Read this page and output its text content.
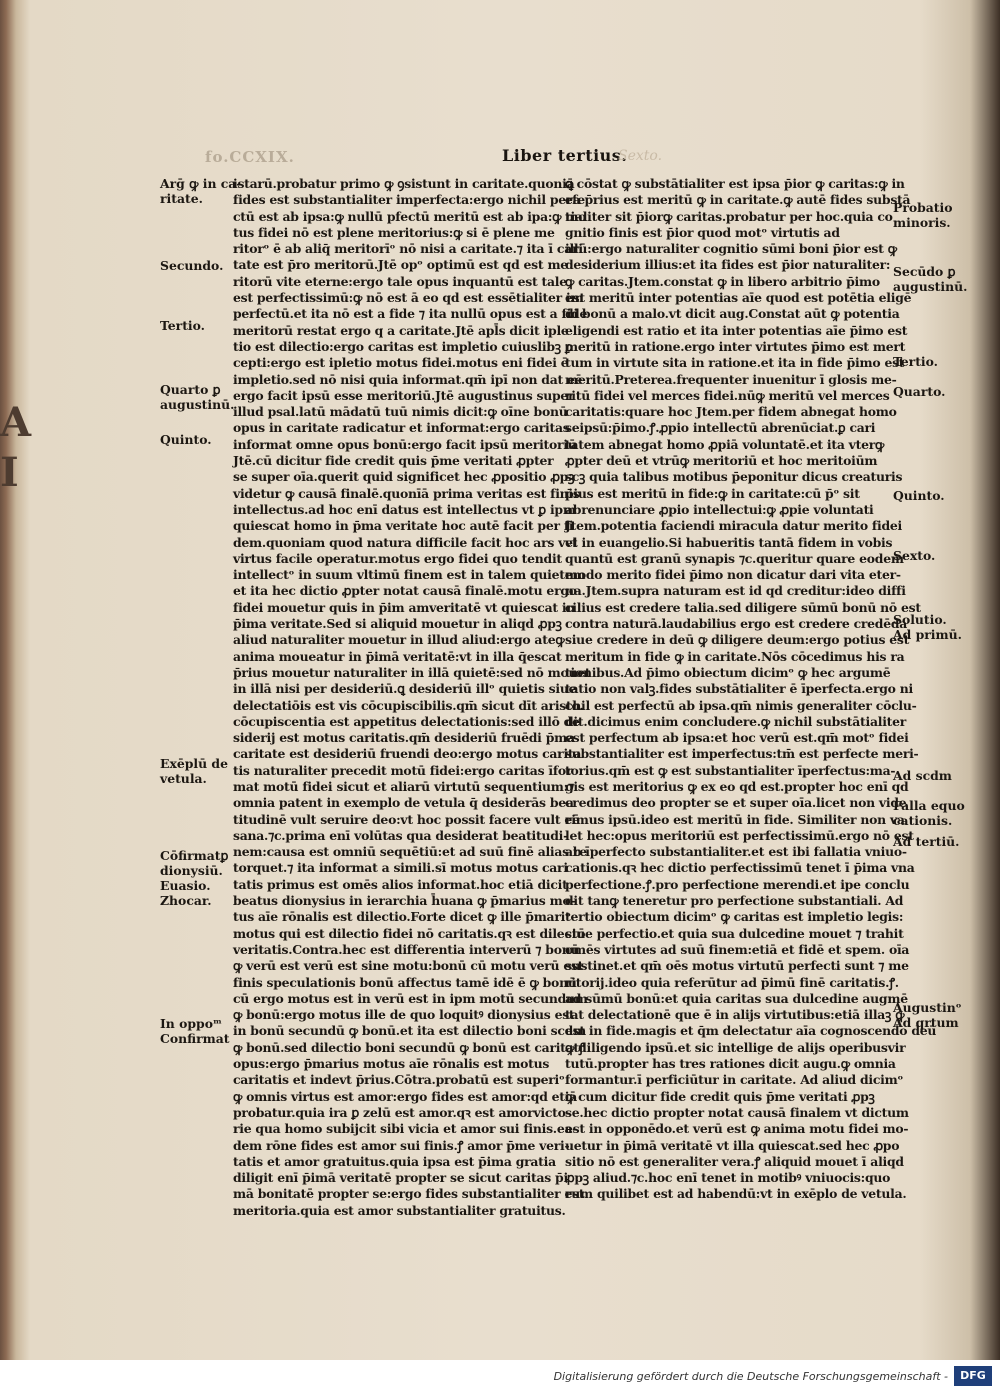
A
I
fo.CCXIX.	Liber tertius.
Sexto.
Arḡ ꝙ in ca-
ritate.
Secundo.
Tertio.
Quarto ꝑ
augustinū.
Quinto.
Exēplū de
vetula.
Cōfirmatꝑ
dionysiū.
Euasio.
Zhocar.
In oppoᵐ
Confirmat
istarū.probatur primo ꝙ ꝯsistunt in caritate.quoniā
fides est substantialiter imperfecta:ergo nichil perfe
ctū est ab ipsa:ꝙ nullū pfectū meritū est ab ipa:ꝙ mo
tus fidei nō est plene meritorius:ꝙ si ē plene me
ritorᵒ ē ab aliq̄ meritorīᵒ nō nisi a caritate.⁊ ita ī cari
tate est p̄ro meritorū.Jtē opᵒ optimū est qd est me
ritorū vite eterne:ergo tale opus inquantū est tale
est perfectissimū:ꝙ nō est ā eo qd est essētialiter im
perfectū.et ita nō est a fide ⁊ ita nullū opus est a fide
meritorū restat ergo q a caritate.Jtē apl̄s dicit iple
tio est dilectio:ergo caritas est impletio cuiuslibꝫ ꝑ
cepti:ergo est ipletio motus fidei.motus eni fidei ē
impletio.sed nō nisi quia informat.qm̄ ipī non dat eē
ergo facit ipsū esse meritoriū.Jtē augustinus super
illud psal.latū mādatū tuū nimis dicit:ꝙ oīne bonū
opus in caritate radicatur et informat:ergo caritas
informat omne opus bonū:ergo facit ipsū meritoriū
Jtē.cū dicitur fide credit quis p̄me veritati ꝓpter
se super oīa.querit quid significet hec ꝓpositio ꝓpꝫ
videtur ꝙ causā finalē.quonīā prima veritas est finis
intellectus.ad hoc enī datus est intellectus vt ꝑ ipm
quiescat homo in p̄ma veritate hoc autē facit per fi
dem.quoniam quod natura difficile facit hoc ars vel
virtus facile operatur.motus ergo fidei quo tendit
intellectᵒ in suum vltimū finem est in talem quietem
et ita hec dictio ꝓpter notat causā finalē.motu ergo
fidei mouetur quis in p̄im amveritatē vt quiescat in
p̄ima veritate.Sed si aliquid mouetur in aliqd ꝓpꝫ
aliud naturaliter mouetur in illud aliud:ergo ateꝙ
anima moueatur in p̄imā veritatē:vt in illa q̄escat
p̄rius mouetur naturaliter in illā quietē:sed nō mouet
in illā nisi per desideriū.ꝗ desideriū illᵒ quietis siue
delectatiōis est vis cōcupiscibilis.qm̄ sicut dīt aristo.
cōcupiscentia est appetitus delectationis:sed illō de
siderij est motus caritatis.qm̄ desideriū fruēdi p̄ma
caritate est desideriū fruendi deo:ergo motus carita
tis naturaliter precedit motū fidei:ergo caritas īfor
mat motū fidei sicut et aliarū virtutū sequentium:⁊
omnia patent in exemplo de vetula q̄ desiderās bea
titudinē vult seruire deo:vt hoc possit facere vult eē
sana.⁊c.prima enī volūtas qua desiderat beatitudi-
nem:causa est omniū sequētiū:et ad suū finē alias re
torquet.⁊ ita informat a simili.sī motus motus cari
tatis primus est omēs alios informat.hoc etiā dicit
beatus dionysius in ierarchia h̄uana ꝙ p̄marius mo-
tus aīe rōnalis est dilectio.Forte dicet ꝙ ille p̄mariᵒ
motus qui est dilectio fidei nō caritatis.qꝛ est dilectō
veritatis.Contra.hec est differentia interverū ⁊ bonū
ꝙ verū est verū est sine motu:bonū cū motu verū est
finis speculationis bonū affectus tamē idē ē ꝙ bonū
cū ergo motus est in verū est in ipm motū secundum
ꝙ bonū:ergo motus ille de quo loquitꝰ dionysius est
in bonū secundū ꝙ bonū.et ita est dilectio boni scdm
ꝙ bonū.sed dilectio boni secundū ꝙ bonū est caritatꝭ
opus:ergo p̄marius motus aīe rōnalis est motus
caritatis et indevt p̄rius.Cōtra.probatū est superiᵒ
ꝙ omnis virtus est amor:ergo fides est amor:qd etiā
probatur.quia ira ꝑ zelū est amor.qꝛ est amorvicto-
rie qua homo subijcit sibi vicia et amor sui finis.ea-
dem rōne fides est amor sui finis.ꝭ amor p̄me veri-
tatis et amor gratuitus.quia ipsa est p̄ima gratia
diligit enī p̄imā veritatē propter se sicut caritas p̄i
mā bonitatē propter se:ergo fides substantialiter est
meritoria.quia est amor substantialiter gratuitus.
ꝗ cōstat ꝙ substātialiter est ipsa p̄ior ꝙ caritas:ꝙ in
ea p̄rius est meritū ꝙ in caritate.ꝙ autē fides substā
tialiter sit p̄iorꝙ caritas.probatur per hoc.quia co
gnitio finis est p̄ior quod motᵒ virtutis ad
illū:ergo naturaliter cognitio sūmi boni p̄ior est ꝙ
desiderium illius:et ita fides est p̄ior naturaliter:
ꝙ caritas.Jtem.constat ꝙ in libero arbitrio p̄imo
est meritū inter potentias aīe quod est potētia eligē
di bonū a malo.vt dicit aug.Constat aūt ꝙ potentia
eligendi est ratio et ita inter potentias aīe p̄imo est
meritū in ratione.ergo inter virtutes p̄imo est mert
tum in virtute sita in ratione.et ita in fide p̄imo est
meritū.Preterea.frequenter inuenitur ī glosis me-
ritū fidei vel merces fidei.nūꝙ meritū vel merces
caritatis:quare hoc Jtem.per fidem abnegat homo
seipsū:p̄imo.ꝭ.ꝓpio intellectū abrenūciat.ꝑ cari
tatem abnegat homo ꝓpiā voluntatē.et ita vterꝙ
ꝓpter deū et vtrūꝙ meritoriū et hoc meritoiūm
scꝫ quia talibus motibus p̄eponitur dicus creaturis
p̄ius est meritū in fide:ꝙ in caritate:cū p̄ᵒ sit
abrenunciare ꝓpio intellectui:ꝙ ꝓpie voluntati
Jtem.potentia faciendi miracula datur merito fidei
vt in euangelio.Si habueritis tantā fidem in vobis
quantū est granū synapis ⁊c.queritur quare eodem
modo merito fidei p̄imo non dicatur dari vita eter-
na.Jtem.supra naturam est id qd creditur:ideo diffi
cilius est credere talia.sed diligere sūmū bonū nō est
contra naturā.laudabilius ergo est credere credēda
siue credere in deū ꝙ diligere deum:ergo potius est
meritum in fide ꝙ in caritate.Nōs cōcedimus his ra
tionibus.Ad p̄imo obiectum dicimᵒ ꝙ hec argumē
tatio non valꝫ.fides substātialiter ē īperfecta.ergo ni
chil est perfectū ab ipsa.qm̄ nimis generaliter cōclu-
dit.dicimus enim concludere.ꝙ nichil substātialiter
est perfectum ab ipsa:et hoc verū est.qm̄ motᵒ fidei
substantialiter est imperfectus:tm̄ est perfecte meri-
torius.qm̄ est ꝙ est substantialiter īperfectus:ma-
gis est meritorius ꝙ ex eo qd est.propter hoc enī qd
credimus deo propter se et super oīa.licet non vide
rimus ipsū.ideo est meritū in fide. Similiter non va
let hec:opus meritoriū est perfectissimū.ergo nō est
ab īperfecto substantialiter.et est ibi fallatia vniuo-
cationis.qꝛ hec dictio perfectissimū tenet ī p̄ima vna
perfectione.ꝭ.pro perfectione merendi.et ipe conclu
dit tanꝙ teneretur pro perfectione substantiali. Ad
tertio obiectum dicimᵒ ꝙ caritas est impletio legis:
siue perfectio.et quia sua dulcedine mouet ⁊ trahit
omēs virtutes ad suū finem:etiā et fidē et spem. oīa
sustinet.et qm̄ oēs motus virtutū perfecti sunt ⁊ me
ritorij.ideo quia referūtur ad p̄imū finē caritatis.ꝭ.
ad sūmū bonū:et quia caritas sua dulcedine augmē
tat delectationē que ē in alijs virtutibus:etiā illaꝫ ꝙ
est in fide.magis et q̄m delectatur aīa cognoscendo deū
ꝙ diligendo ipsū.et sic intellige de alijs operibusvir
tutū.propter has tres rationes dicit augu.ꝙ omnia
formantur.ī perficiūtur in caritate. Ad aliud dicimᵒ
ꝙ cum dicitur fide credit quis p̄me veritati ꝓpꝫ
se.hec dictio propter notat causā finalem vt dictum
est in opponēdo.et verū est ꝙ anima motu fidei mo-
uetur in p̄imā veritatē vt illa quiescat.sed hec ꝓpo
sitio nō est generaliter vera.ꝭ aliquid mouet ī aliqd
ꝓpꝫ aliud.⁊c.hoc enī tenet in motibꝰ vniuocis:quo
rum quilibet est ad habendū:vt in exēplo de vetula.
Probatio
minoris.
Secūdo ꝑ
augustinū.
Tertio.
Quarto.
Quinto.
Sexto.
Solutio.
Ad primū.
Ad scdm
Falla equo
cationis.
Ad tertiū.
Augustinᵒ
Ad qrtum
Digitalisierung gefördert durch die Deutsche Forschungsgemeinschaft -	DFG
